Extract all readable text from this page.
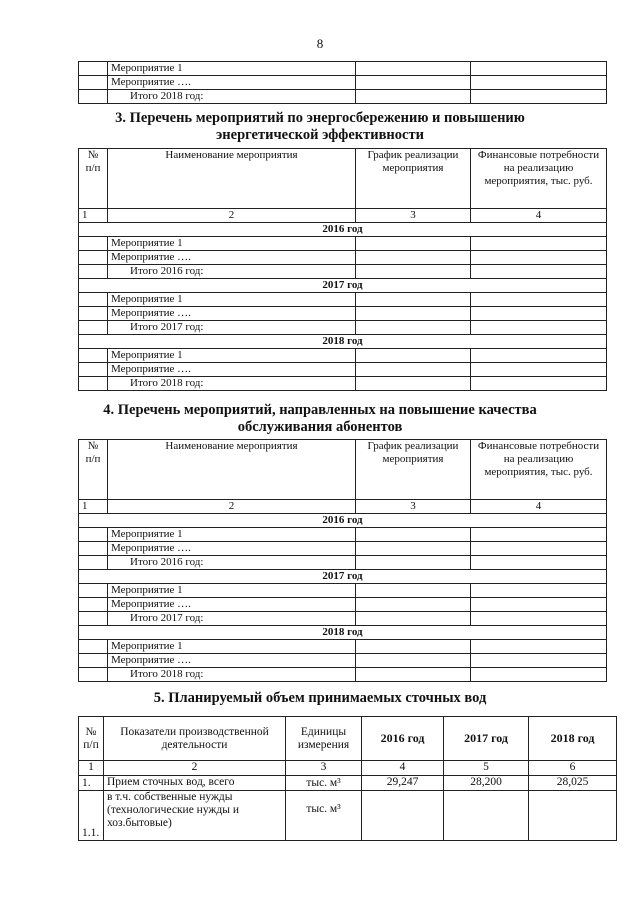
8
	Мероприятие 1		
	Мероприятие ….		
	Итого 2018 год:		
3. Перечень мероприятий по энергосбережению и повышению
энергетической эффективности
№ п/п	Наименование мероприятия	График реализации мероприятия	Финансовые потребности на реализацию мероприятия, тыс. руб.
1	2	3	4
2016 год			
	Мероприятие 1		
	Мероприятие ….		
	Итого 2016 год:		
2017 год			
	Мероприятие 1		
	Мероприятие ….		
	Итого 2017 год:		
2018 год			
	Мероприятие 1		
	Мероприятие ….		
	Итого 2018 год:		
4. Перечень мероприятий, направленных на повышение качества
обслуживания абонентов
№ п/п	Наименование мероприятия	График реализации мероприятия	Финансовые потребности на реализацию мероприятия, тыс. руб.
1	2	3	4
2016 год			
	Мероприятие 1		
	Мероприятие ….		
	Итого 2016 год:		
2017 год			
	Мероприятие 1		
	Мероприятие ….		
	Итого 2017 год:		
2018 год			
	Мероприятие 1		
	Мероприятие ….		
	Итого 2018 год:		
5. Планируемый объем принимаемых сточных вод
№ п/п	Показатели производственной деятельности	Единицы измерения	2016 год	2017 год	2018 год
1	2	3	4	5	6
1.	Прием сточных вод, всего	тыс. м³	29,247	28,200	28,025
1.1.	в т.ч. собственные нужды (технологические нужды и хоз.бытовые)	тыс. м³			
